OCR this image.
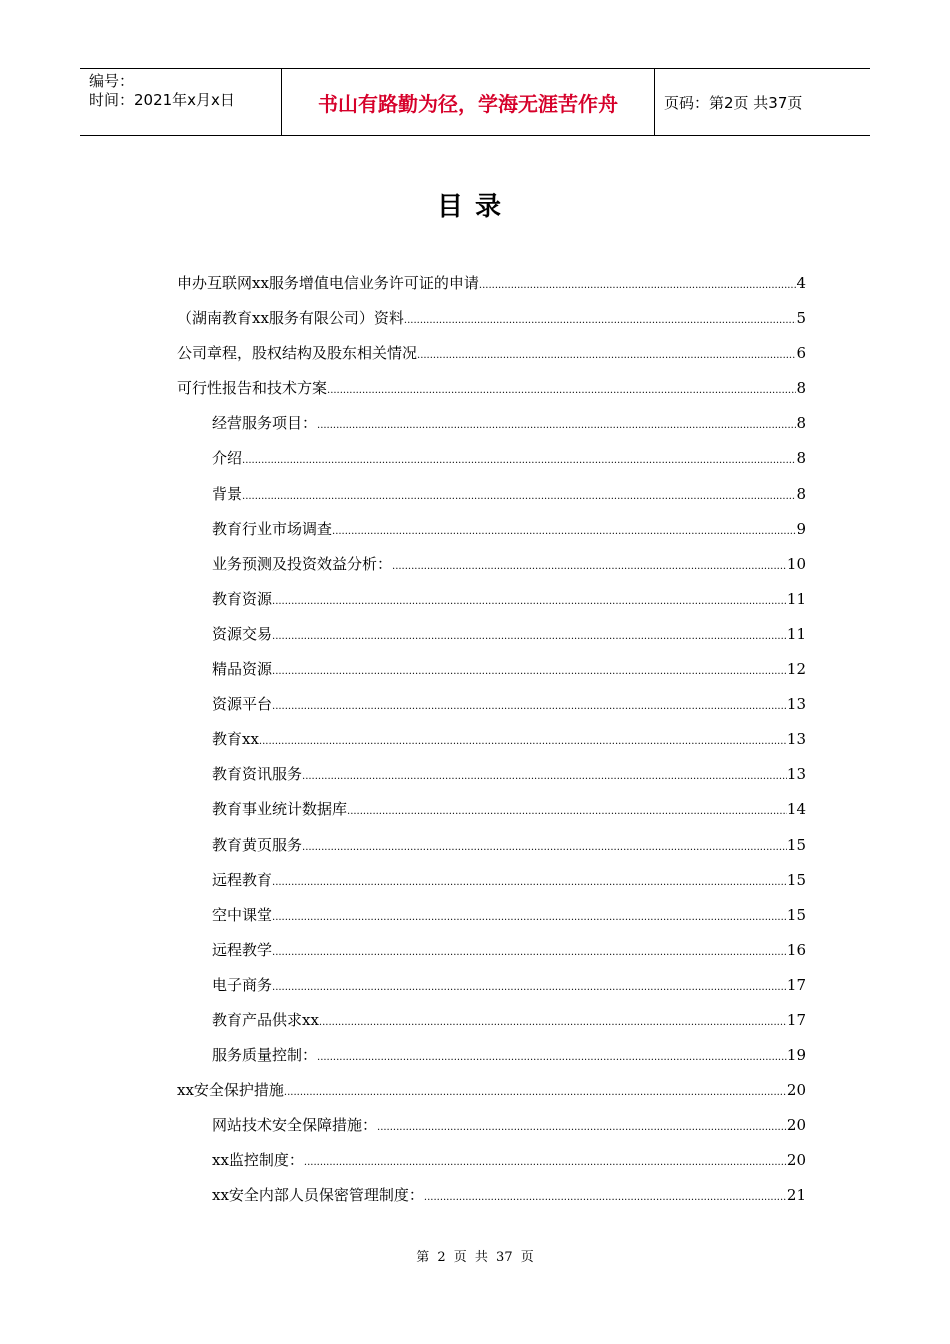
编号：
时间：2021年x月x日	书山有路勤为径，学海无涯苦作舟	页码：第2页 共37页
目录
申办互联网xx服务增值电信业务许可证的申请 .....	4
（湖南教育xx服务有限公司）资料 .....	5
公司章程，股权结构及股东相关情况 .....	6
可行性报告和技术方案 .....	8
经营服务项目： .....	8
介绍 .....	8
背景 .....	8
教育行业市场调查 .....	9
业务预测及投资效益分析： .....	10
教育资源 .....	11
资源交易 .....	11
精品资源 .....	12
资源平台 .....	13
教育xx .....	13
教育资讯服务 .....	13
教育事业统计数据库 .....	14
教育黄页服务 .....	15
远程教育 .....	15
空中课堂 .....	15
远程教学 .....	16
电子商务 .....	17
教育产品供求xx .....	17
服务质量控制： .....	19
xx安全保护措施 .....	20
网站技术安全保障措施： .....	20
xx监控制度： .....	20
xx安全内部人员保密管理制度： .....	21
第 2 页 共 37 页
